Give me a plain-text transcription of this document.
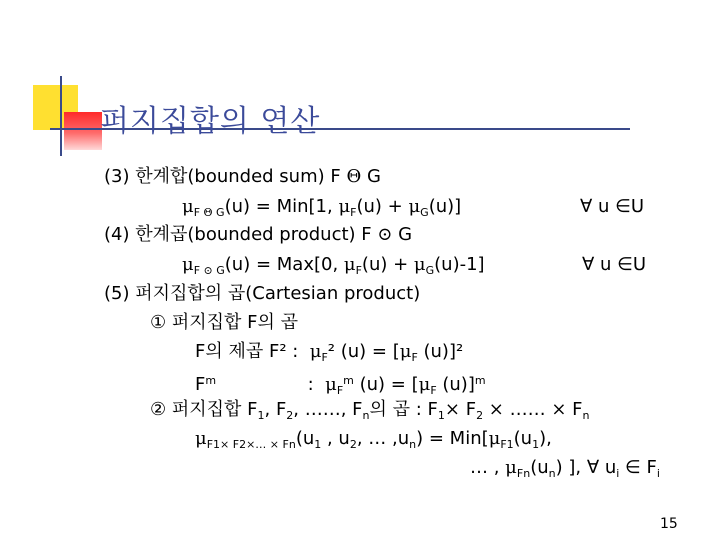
퍼지집합의 연산
(3) 한계합(bounded sum) F Θ G
$\mu_{F \Theta G}(u) = Min[1$, $\mu_F(u) + \mu_G(u)$]	∀ u ∈U
(4) 한계곱(bounded product) F ⊙ G
$\mu_{F ⊙ G}(u) = Max[0$, $\mu_F(u) + \mu_G(u)-1$]	∀ u ∈U
(5) 퍼지집합의 곱(Cartesian product)
① 퍼지집합 F의 곱
F의 제곱 F² :  $\mu_F^2$ $(u) = [\mu_F$ (u)]²
$F^m$                :  $\mu_F^m$ $(u) = [\mu_F$ (u)]$^m$
② 퍼지집합 $F_1$, $F_2$, ……, $F_n$의 곱 : $F_1⨯$ $F_2$ ⨯ …… ⨯ $F_n$
$\mu_{F1⨯ F2⨯\dots ⨯ Fn}(u_1$ , $u_2$, … $,u_n) = Min[\mu_{F1}(u_1)$,
… , $\mu_{Fn}(u_n)$ ], ∀ $u_i$ ∈ $F_i$
15
